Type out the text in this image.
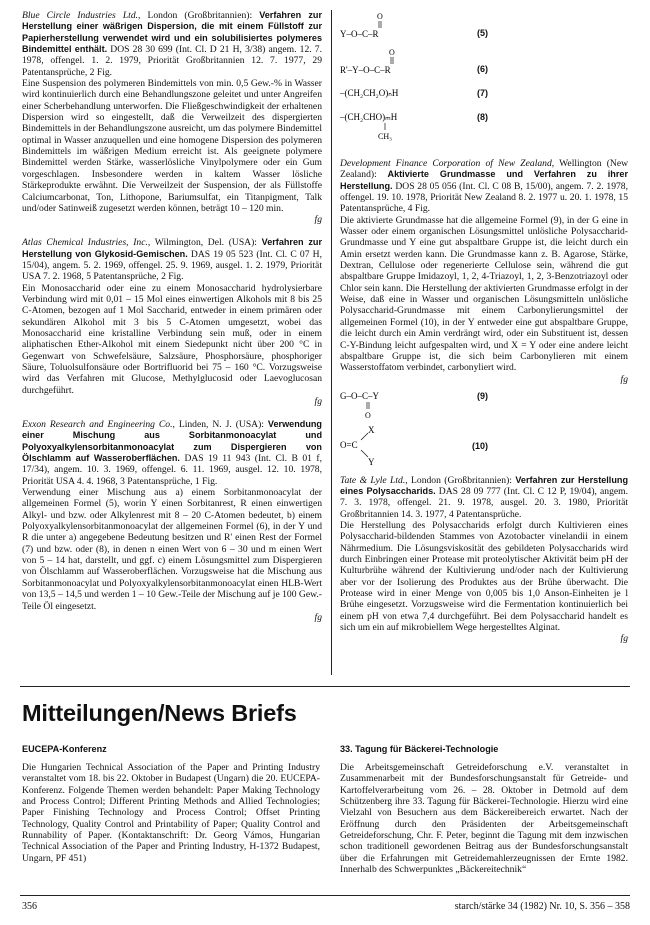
Blue Circle Industries Ltd., London (Großbritannien): Verfahren zur Herstellung einer wäßrigen Dispersion, die mit einem Füllstoff zur Papierherstellung verwendet wird und ein solubilisiertes polymeres Bindemittel enthält. DOS 28 30 699 (Int. Cl. D 21 H, 3/38) angem. 12. 7. 1978, offengel. 1. 2. 1979, Priorität Großbritannien 12. 7. 1977, 29 Patentansprüche, 2 Fig.

Eine Suspension des polymeren Bindemittels von min. 0,5 Gew.-% in Wasser wird kontinuierlich durch eine Behandlungszone geleitet und unter Angreifen einer Scherbehandlung unterworfen. Die Fließgeschwindigkeit der erhaltenen Dispersion wird so eingestellt, daß die Verweilzeit des dispergierten Bindemittels in der Behandlungszone ausreicht, um das polymere Bindemittel optimal in Wasser anzuquellen und eine homogene Dispersion des polymeren Bindemittels im wäßrigen Medium erreicht ist. Als geeignete polymere Bindemittel werden Stärke, wasserlösliche Vinylpolymere oder ein Gum vorgeschlagen. Insbesondere werden in kaltem Wasser lösliche Stärkeprodukte erwähnt. Die Verweilzeit der Suspension, der als Füllstoffe Calciumcarbonat, Ton, Lithopone, Bariumsulfat, ein Titanpigment, Talk und/oder Satinweiß zugesetzt werden können, beträgt 10 – 120 min.

fg

Atlas Chemical Industries, Inc., Wilmington, Del. (USA): Verfahren zur Herstellung von Glykosid-Gemischen. DAS 19 05 523 (Int. Cl. C 07 H, 15/04), angem. 5. 2. 1969, offengel. 25. 9. 1969, ausgel. 1. 2. 1979, Priorität USA 7. 2. 1968, 5 Patentansprüche, 2 Fig.

Ein Monosaccharid oder eine zu einem Monosaccharid hydrolysierbare Verbindung wird mit 0,01 – 15 Mol eines einwertigen Alkohols mit 8 bis 25 C-Atomen, bezogen auf 1 Mol Saccharid, entweder in einem primären oder sekundären Alkohol mit 3 bis 5 C-Atomen umgesetzt, wobei das Monosaccharid eine kristalline Verbindung sein muß, oder in einem aliphatischen Ether-Alkohol mit einem Siedepunkt nicht über 200 °C in Gegenwart von Schwefelsäure, Salzsäure, Phosphorsäure, phosphoriger Säure, Toluolsulfonsäure oder Bortrifluorid bei 75 – 160 °C. Vorzugsweise wird das Verfahren mit Glucose, Methylglucosid oder Laevoglucosan durchgeführt.

fg

Exxon Research and Engineering Co., Linden, N. J. (USA): Verwendung einer Mischung aus Sorbitanmonoacylat und Polyoxyalkylensorbitanmonoacylat zum Dispergieren von Ölschlamm auf Wasseroberflächen. DAS 19 11 943 (Int. Cl. B 01 f, 17/34), angem. 10. 3. 1969, offengel. 6. 11. 1969, ausgel. 12. 10. 1978, Priorität USA 4. 4. 1968, 3 Patentansprüche, 1 Fig.

Verwendung einer Mischung aus a) einem Sorbitanmonoacylat der allgemeinen Formel (5), worin Y einen Sorbitanrest, R einen einwertigen Alkyl- und bzw. oder Alkylenrest mit 8 – 20 C-Atomen bedeutet, b) einem Polyoxyalkylensorbitanmonoacylat der allgemeinen Formel (6), in der Y und R die unter a) angegebene Bedeutung besitzen und R' einen Rest der Formel (7) und bzw. oder (8), in denen n einen Wert von 6 – 30 und m einen Wert von 5 – 14 hat, darstellt, und ggf. c) einem Lösungsmittel zum Dispergieren von Ölschlamm auf Wasseroberflächen. Vorzugsweise hat die Mischung aus Sorbitanmonoacylat und Polyoxyalkylensorbitanmonoacylat einen HLB-Wert von 13,5 – 14,5 und werden 1 – 10 Gew.-Teile der Mischung auf je 100 Gew.-Teile Öl eingesetzt.

fg

O
Y–O–C–R	(5)
O
R'–Y–O–C–R	(6)
–(CH₂CH₂O)ₙH	(7)
–(CH₂CHO)ₘH
CH₃
(8)

Development Finance Corporation of New Zealand, Wellington (New Zealand): Aktivierte Grundmasse und Verfahren zu ihrer Herstellung. DOS 28 05 056 (Int. Cl. C 08 B, 15/00), angem. 7. 2. 1978, offengel. 19. 10. 1978, Priorität New Zealand 8. 2. 1977 u. 20. 1. 1978, 15 Patentansprüche, 4 Fig.

Die aktivierte Grundmasse hat die allgemeine Formel (9), in der G eine in Wasser oder einem organischen Lösungsmittel unlösliche Polysaccharid-Grundmasse und Y eine gut abspaltbare Gruppe ist, die leicht durch ein Amin ersetzt werden kann. Die Grundmasse kann z. B. Agarose, Stärke, Dextran, Cellulose oder regenerierte Cellulose sein, während die gut abspaltbare Gruppe Imidazoyl, 1, 2, 4-Triazoyl, 1, 2, 3-Benzotriazoyl oder Chlor sein kann. Die Herstellung der aktivierten Grundmasse erfolgt in der Weise, daß eine in Wasser und organischen Lösungsmitteln unlösliche Polysaccharid-Grundmasse mit einem Carbonylierungsmittel der allgemeinen Formel (10), in der Y entweder eine gut abspaltbare Gruppe, die leicht durch ein Amin verdrängt wird, oder ein Substituent ist, dessen C-Y-Bindung leicht aufgespalten wird, und X = Y oder eine andere leicht abspaltbare Gruppe ist, die sich beim Carbonylieren mit einem Wasserstoffatom verbindet, carbonyliert wird.

fg

G–O–C–Y
O
(9)
O=C
X
Y
(10)

Tate & Lyle Ltd., London (Großbritannien): Verfahren zur Herstellung eines Polysaccharids. DAS 28 09 777 (Int. Cl. C 12 P, 19/04), angem. 7. 3. 1978, offengel. 21. 9. 1978, ausgel. 20. 3. 1980, Priorität Großbritannien 14. 3. 1977, 4 Patentansprüche.

Die Herstellung des Polysaccharids erfolgt durch Kultivieren eines Polysaccharid-bildenden Stammes von Azotobacter vinelandii in einem Nährmedium. Die Lösungsviskosität des gebildeten Polysaccharids wird durch Einbringen einer Protease mit proteolytischer Aktivität beim pH der Kulturbrühe während der Kultivierung und/oder nach der Kultivierung aber vor der Isolierung des Produktes aus der Brühe überwacht. Die Protease wird in einer Menge von 0,005 bis 1,0 Anson-Einheiten je l Brühe eingesetzt. Vorzugsweise wird die Fermentation kontinuierlich bei einem pH von etwa 7,4 durchgeführt. Bei dem Polysaccharid handelt es sich um ein auf mikrobiellem Wege hergestelltes Alginat.

fg

Mitteilungen/News Briefs

EUCEPA-Konferenz

Die Hungarien Technical Association of the Paper and Printing Industry veranstaltet vom 18. bis 22. Oktober in Budapest (Ungarn) die 20. EUCEPA-Konferenz. Folgende Themen werden behandelt: Paper Making Technology and Process Control; Different Printing Methods and Allied Technologies; Paper Finishing Technology and Process Control; Offset Printing Technology, Quality Control and Printability of Paper; Quality Control and Runnability of Paper. (Kontaktanschrift: Dr. Georg Vámos, Hungarian Technical Association of the Paper and Printing Industry, H-1372 Budapest, Ungarn, PF 451)

33. Tagung für Bäckerei-Technologie

Die Arbeitsgemeinschaft Getreideforschung e.V. veranstaltet in Zusammenarbeit mit der Bundesforschungsanstalt für Getreide- und Kartoffelverarbeitung vom 26. – 28. Oktober in Detmold auf dem Schützenberg ihre 33. Tagung für Bäckerei-Technologie. Hierzu wird eine Vielzahl von Besuchern aus dem Bäckereibereich erwartet. Nach der Eröffnung durch den Präsidenten der Arbeitsgemeinschaft Getreideforschung, Chr. F. Peter, beginnt die Tagung mit dem inzwischen schon traditionell gewordenen Beitrag aus der Bundesforschungsanstalt über die Erfahrungen mit Getreidemahlerzeugnissen der Ernte 1982. Innerhalb des Schwerpunktes „Bäckereitechnik“

356	starch/stärke 34 (1982) Nr. 10, S. 356 – 358
